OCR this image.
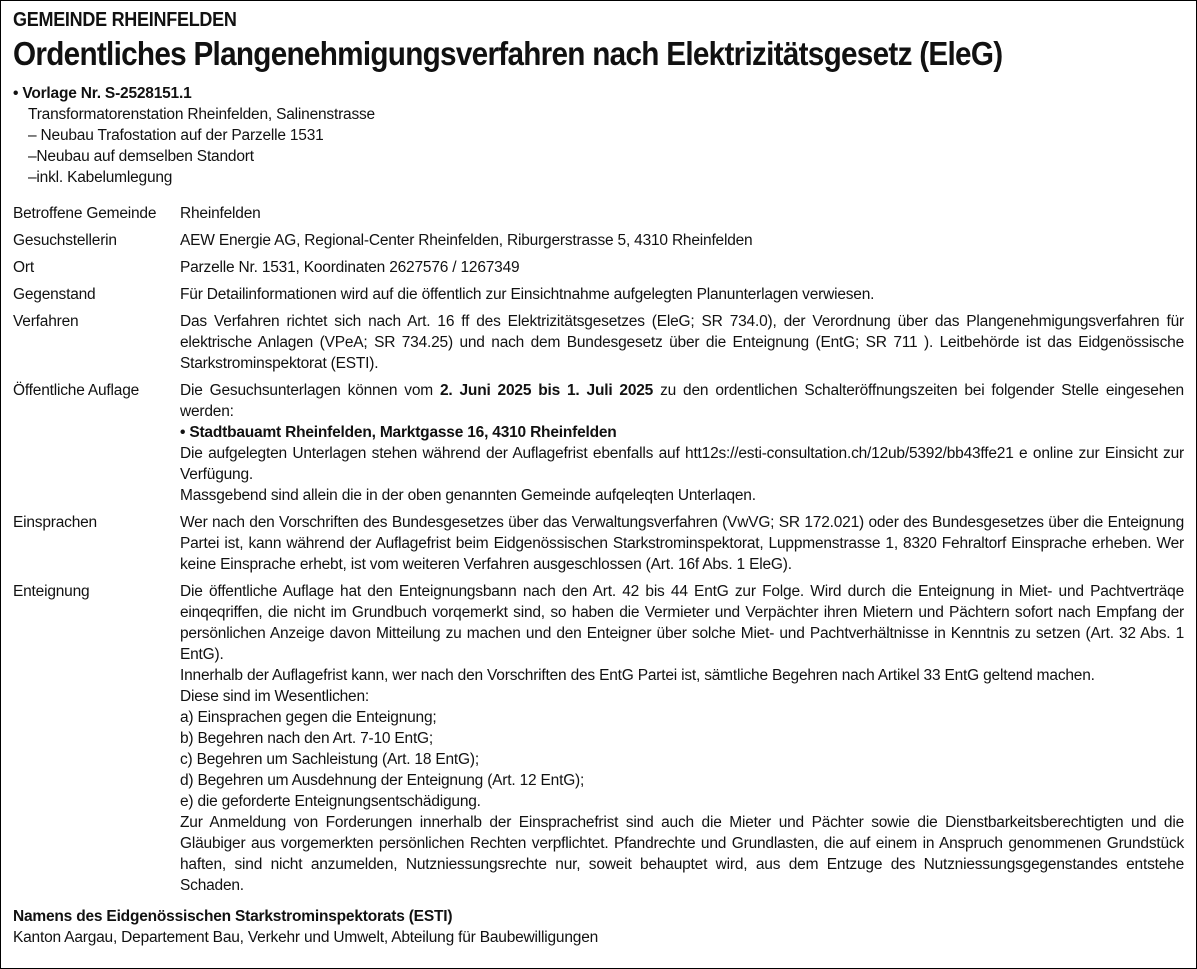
GEMEINDE RHEINFELDEN
Ordentliches Plangenehmigungsverfahren nach Elektrizitätsgesetz (EleG)
• Vorlage Nr. S-2528151.1
Transformatorenstation Rheinfelden, Salinenstrasse
– Neubau Trafostation auf der Parzelle 1531
–Neubau auf demselben Standort
–inkl. Kabelumlegung
Betroffene Gemeinde	Rheinfelden
Gesuchstellerin	AEW Energie AG, Regional-Center Rheinfelden, Riburgerstrasse 5, 4310 Rheinfelden
Ort	Parzelle Nr. 1531, Koordinaten 2627576 / 1267349
Gegenstand	Für Detailinformationen wird auf die öffentlich zur Einsichtnahme aufgelegten Planunterlagen verwiesen.
Verfahren	Das Verfahren richtet sich nach Art. 16 ff des Elektrizitätsgesetzes (EleG; SR 734.0), der Verordnung über das Plangenehmigungsverfahren für elektrische Anlagen (VPeA; SR 734.25) und nach dem Bundesgesetz über die Enteignung (EntG; SR 711 ). Leitbehörde ist das Eidgenössische Starkstrominspektorat (ESTI).
Öffentliche Auflage	Die Gesuchsunterlagen können vom 2. Juni 2025 bis 1. Juli 2025 zu den ordentlichen Schalteröffnungszeiten bei folgender Stelle eingesehen werden:

• Stadtbauamt Rheinfelden, Marktgasse 16, 4310 Rheinfelden

Die aufgelegten Unterlagen stehen während der Auflagefrist ebenfalls auf htt12s://esti-consultation.ch/12ub/5392/bb43ffe21 e online zur Einsicht zur Verfügung.

Massgebend sind allein die in der oben genannten Gemeinde aufqeleqten Unterlaqen.

Einsprachen	Wer nach den Vorschriften des Bundesgesetzes über das Verwaltungsverfahren (VwVG; SR 172.021) oder des Bundesgesetzes über die Enteignung Partei ist, kann während der Auflagefrist beim Eidgenössischen Starkstrominspektorat, Luppmenstrasse 1, 8320 Fehraltorf Einsprache erheben. Wer keine Einsprache erhebt, ist vom weiteren Verfahren ausgeschlossen (Art. 16f Abs. 1 EleG).
Enteignung	Die öffentliche Auflage hat den Enteignungsbann nach den Art. 42 bis 44 EntG zur Folge. Wird durch die Enteignung in Miet- und Pachtverträqe einqeqriffen, die nicht im Grundbuch vorqemerkt sind, so haben die Vermieter und Verpächter ihren Mietern und Pächtern sofort nach Empfang der persönlichen Anzeige davon Mitteilung zu machen und den Enteigner über solche Miet- und Pachtverhältnisse in Kenntnis zu setzen (Art. 32 Abs. 1 EntG).

Innerhalb der Auflagefrist kann, wer nach den Vorschriften des EntG Partei ist, sämtliche Begehren nach Artikel 33 EntG geltend machen.

Diese sind im Wesentlichen:

a) Einsprachen gegen die Enteignung;

b) Begehren nach den Art. 7-10 EntG;

c) Begehren um Sachleistung (Art. 18 EntG);

d) Begehren um Ausdehnung der Enteignung (Art. 12 EntG);

e) die geforderte Enteignungsentschädigung.

Zur Anmeldung von Forderungen innerhalb der Einsprachefrist sind auch die Mieter und Pächter sowie die Dienstbarkeitsberechtigten und die Gläubiger aus vorgemerkten persönlichen Rechten verpflichtet. Pfandrechte und Grundlasten, die auf einem in Anspruch genommenen Grundstück haften, sind nicht anzumelden, Nutzniessungsrechte nur, soweit behauptet wird, aus dem Entzuge des Nutzniessungsgegenstandes entstehe Schaden.

Namens des Eidgenössischen Starkstrominspektorats (ESTI)
Kanton Aargau, Departement Bau, Verkehr und Umwelt, Abteilung für Baubewilligungen
